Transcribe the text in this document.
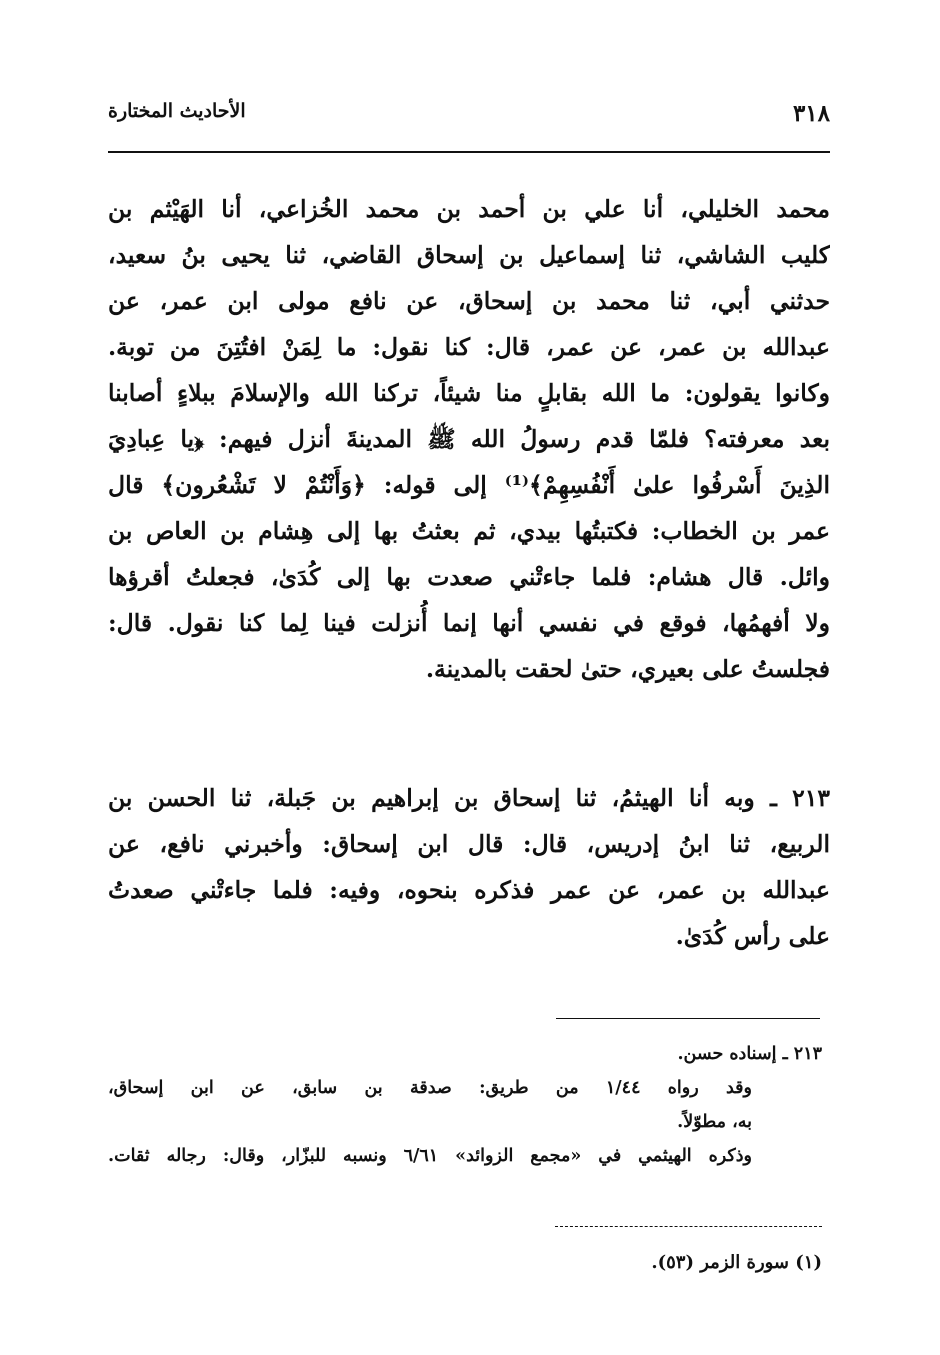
٣١٨
الأحاديث المختارة
محمد الخليلي، أنا علي بن أحمد بن محمد الخُزاعي، أنا الهَيْثم بن
كليب الشاشي، ثنا إسماعيل بن إسحاق القاضي، ثنا يحيى بنُ سعيد،
حدثني أبي، ثنا محمد بن إسحاق، عن نافع مولى ابن عمر، عن
عبدالله بن عمر، عن عمر، قال: كنا نقول: ما لِمَنْ افتُتِنَ من توبة.
وكانوا يقولون: ما الله بقابلٍ منا شيئاً، تركنا الله والإسلامَ ببلاءٍ أصابنا
بعد معرفته؟ فلمّا قدم رسولُ الله ﷺ المدينةَ أنزل فيهم: ﴿يا عِبادِيَ
الذِينَ أَسْرفُوا علىٰ أَنْفُسِهِمْ﴾⁽¹⁾ إلى قوله: ﴿وَأَنْتُمْ لا تَشْعُرون﴾ قال
عمر بن الخطاب: فكتبتُها بيدي، ثم بعثتُ بها إلى هِشام بن العاص بن
وائل. قال هشام: فلما جاءتْني صعدت بها إلى كُدَىٰ، فجعلتُ أقرؤها
ولا أفهمُها، فوقع في نفسي أنها إنما أُنزلت فينا لِما كنا نقول. قال:
فجلستُ على بعيري، حتىٰ لحقت بالمدينة.
٢١٣ ـ وبه أنا الهيثمُ، ثنا إسحاق بن إبراهيم بن جَبلة، ثنا الحسن بن
الربيع، ثنا ابنُ إدريس، قال: قال ابن إسحاق: وأخبرني نافع، عن
عبدالله بن عمر، عن عمر فذكره بنحوه، وفيه: فلما جاءتْني صعدتُ
على رأس كُدَىٰ.
٢١٣ ـ إسناده حسن.
وقد رواه ١/٤٤ من طريق: صدقة بن سابق، عن ابن إسحاق،
به، مطوّلاً.
وذكره الهيثمي في «مجمع الزوائد» ٦/٦١ ونسبه للبزّار، وقال: رجاله ثقات.
(١) سورة الزمر (٥٣).
